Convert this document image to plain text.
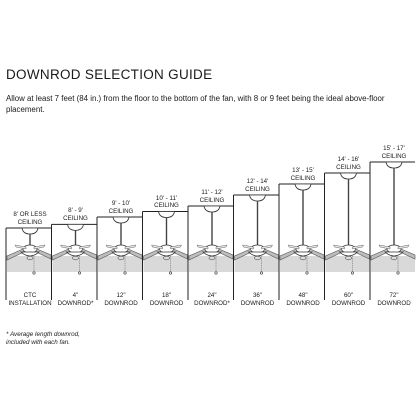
DOWNROD SELECTION GUIDE

Allow at least 7 feet (84 in.) from the floor to the bottom of the fan, with 8 or 9 feet being the ideal above-floor placement.

8' OR LESS
CEILING
CTC
INSTALLATION
8' - 9'
CEILING
4"
DOWNROD*
9' - 10'
CEILING
12"
DOWNROD
10' - 11'
CEILING
18"
DOWNROD
11' - 12'
CEILING
24"
DOWNROD*
12' - 14'
CEILING
36"
DOWNROD
13' - 15'
CEILING
48"
DOWNROD
14' - 16'
CEILING
60"
DOWNROD
15' - 17'
CEILING
72"
DOWNROD
* Average length downrod,
included with each fan.
